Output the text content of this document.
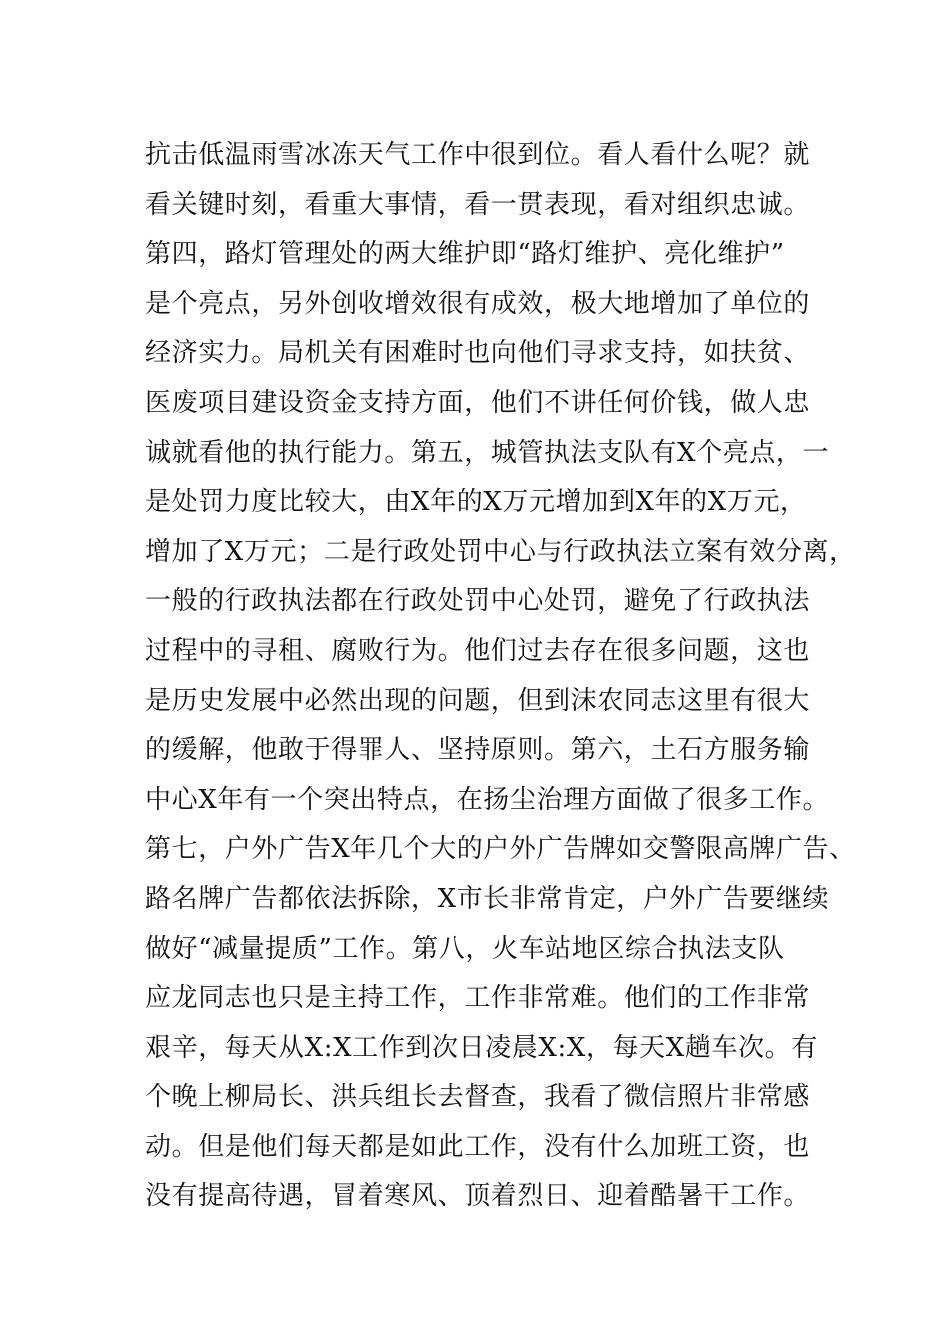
抗击低温雨雪冰冻天气工作中很到位。看人看什么呢？就
看关键时刻，看重大事情，看一贯表现，看对组织忠诚。
第四，路灯管理处的两大维护即“路灯维护、亮化维护”
是个亮点，另外创收增效很有成效，极大地增加了单位的
经济实力。局机关有困难时也向他们寻求支持，如扶贫、
医废项目建设资金支持方面，他们不讲任何价钱，做人忠
诚就看他的执行能力。第五，城管执法支队有X个亮点，一
是处罚力度比较大，由X年的X万元增加到X年的X万元，
增加了X万元；二是行政处罚中心与行政执法立案有效分离，
一般的行政执法都在行政处罚中心处罚，避免了行政执法
过程中的寻租、腐败行为。他们过去存在很多问题，这也
是历史发展中必然出现的问题，但到沫农同志这里有很大
的缓解，他敢于得罪人、坚持原则。第六，土石方服务输
中心X年有一个突出特点，在扬尘治理方面做了很多工作。
第七，户外广告X年几个大的户外广告牌如交警限高牌广告、
路名牌广告都依法拆除，X市长非常肯定，户外广告要继续
做好“减量提质”工作。第八，火车站地区综合执法支队
应龙同志也只是主持工作，工作非常难。他们的工作非常
艰辛，每天从X:X工作到次日凌晨X:X，每天X趟车次。有
个晚上柳局长、洪兵组长去督查，我看了微信照片非常感
动。但是他们每天都是如此工作，没有什么加班工资，也
没有提高待遇，冒着寒风、顶着烈日、迎着酷暑干工作。
